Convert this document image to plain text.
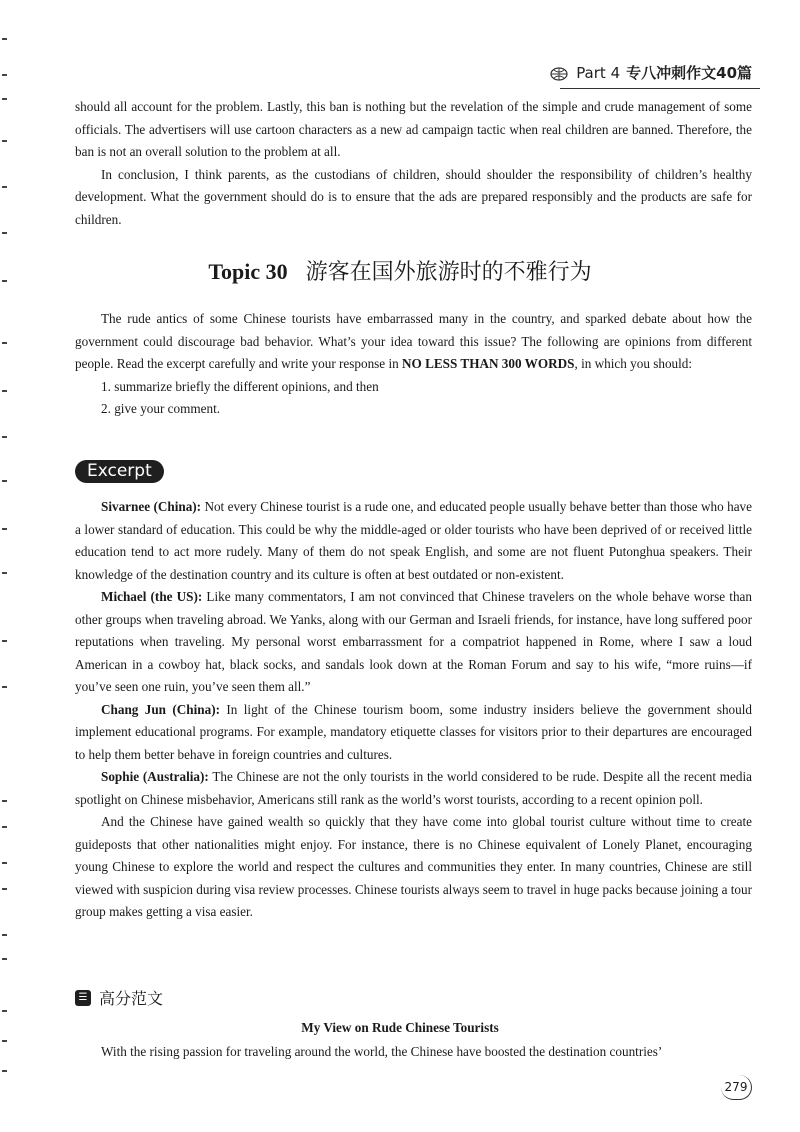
Part 4 专八冲刺作文40篇

should all account for the problem. Lastly, this ban is nothing but the revelation of the simple and crude management of some officials. The advertisers will use cartoon characters as a new ad campaign tactic when real children are banned. Therefore, the ban is not an overall solution to the problem at all.

In conclusion, I think parents, as the custodians of children, should shoulder the responsibility of children’s healthy development. What the government should do is to ensure that the ads are prepared responsibly and the products are safe for children.

Topic 30 游客在国外旅游时的不雅行为

The rude antics of some Chinese tourists have embarrassed many in the country, and sparked debate about how the government could discourage bad behavior. What’s your idea toward this issue? The following are opinions from different people. Read the excerpt carefully and write your response in NO LESS THAN 300 WORDS, in which you should:

1. summarize briefly the different opinions, and then

2. give your comment.

Excerpt

Sivarnee (China): Not every Chinese tourist is a rude one, and educated people usually behave better than those who have a lower standard of education. This could be why the middle-aged or older tourists who have been deprived of or received little education tend to act more rudely. Many of them do not speak English, and some are not fluent Putonghua speakers. Their knowledge of the destination country and its culture is often at best outdated or non-existent.

Michael (the US): Like many commentators, I am not convinced that Chinese travelers on the whole behave worse than other groups when traveling abroad. We Yanks, along with our German and Israeli friends, for instance, have long suffered poor reputations when traveling. My personal worst embarrassment for a compatriot happened in Rome, where I saw a loud American in a cowboy hat, black socks, and sandals look down at the Roman Forum and say to his wife, “more ruins—if you’ve seen one ruin, you’ve seen them all.”

Chang Jun (China): In light of the Chinese tourism boom, some industry insiders believe the government should implement educational programs. For example, mandatory etiquette classes for visitors prior to their departures are encouraged to help them better behave in foreign countries and cultures.

Sophie (Australia): The Chinese are not the only tourists in the world considered to be rude. Despite all the recent media spotlight on Chinese misbehavior, Americans still rank as the world’s worst tourists, according to a recent opinion poll.

And the Chinese have gained wealth so quickly that they have come into global tourist culture without time to create guideposts that other nationalities might enjoy. For instance, there is no Chinese equivalent of Lonely Planet, encouraging young Chinese to explore the world and respect the cultures and communities they enter. In many countries, Chinese are still viewed with suspicion during visa review processes. Chinese tourists always seem to travel in huge packs because joining a tour group makes getting a visa easier.

☰ 高分范文
My View on Rude Chinese Tourists

With the rising passion for traveling around the world, the Chinese have boosted the destination countries’

279
